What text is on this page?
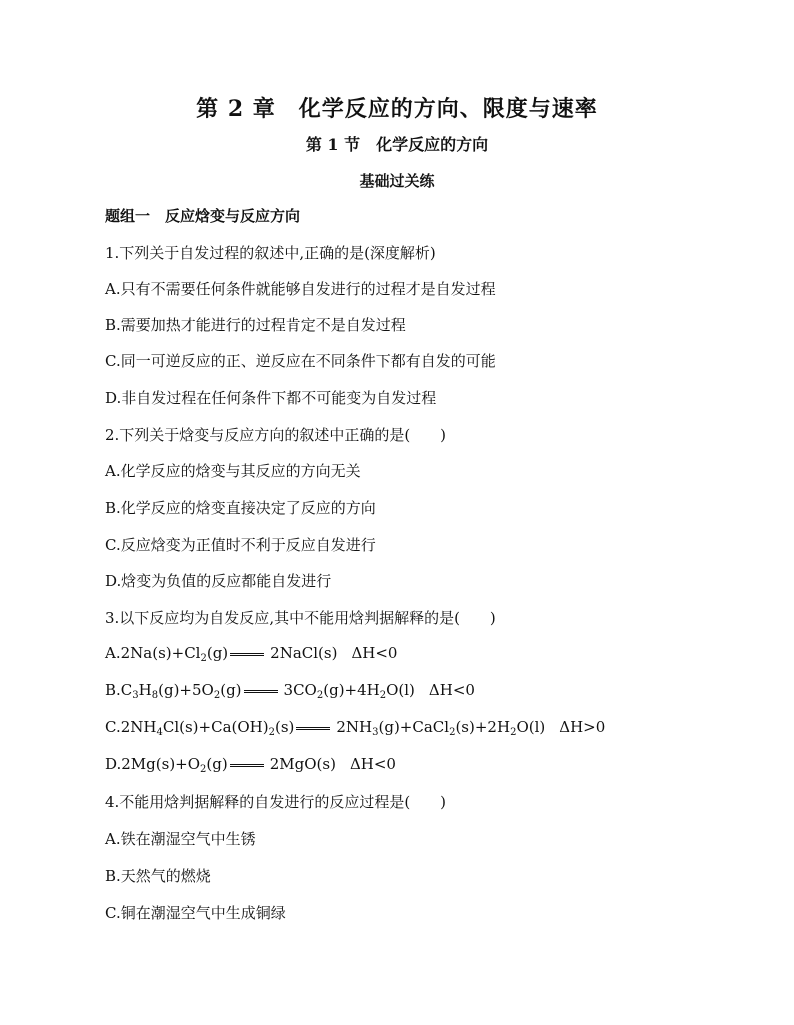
第 2 章　化学反应的方向、限度与速率
第 1 节　化学反应的方向
基础过关练
题组一　反应焓变与反应方向
1.下列关于自发过程的叙述中,正确的是(深度解析)
A.只有不需要任何条件就能够自发进行的过程才是自发过程
B.需要加热才能进行的过程肯定不是自发过程
C.同一可逆反应的正、逆反应在不同条件下都有自发的可能
D.非自发过程在任何条件下都不可能变为自发过程
2.下列关于焓变与反应方向的叙述中正确的是(　　)
A.化学反应的焓变与其反应的方向无关
B.化学反应的焓变直接决定了反应的方向
C.反应焓变为正值时不利于反应自发进行
D.焓变为负值的反应都能自发进行
3.以下反应均为自发反应,其中不能用焓判据解释的是(　　)
$A.2Na(s)+Cl_2(g)$	2NaCl(s) ΔH<0
$B.C_3H_8(g)+5O_2(g)$	$3CO_2(g)+4H_2O(l)$ ΔH<0
$C.2NH_4Cl(s)+Ca(OH)_2(s)$	$2NH_3(g)+CaCl_2(s)+2H_2O(l)$ ΔH>0
$D.2Mg(s)+O_2(g)$	2MgO(s) ΔH<0
4.不能用焓判据解释的自发进行的反应过程是(　　)
A.铁在潮湿空气中生锈
B.天然气的燃烧
C.铜在潮湿空气中生成铜绿
